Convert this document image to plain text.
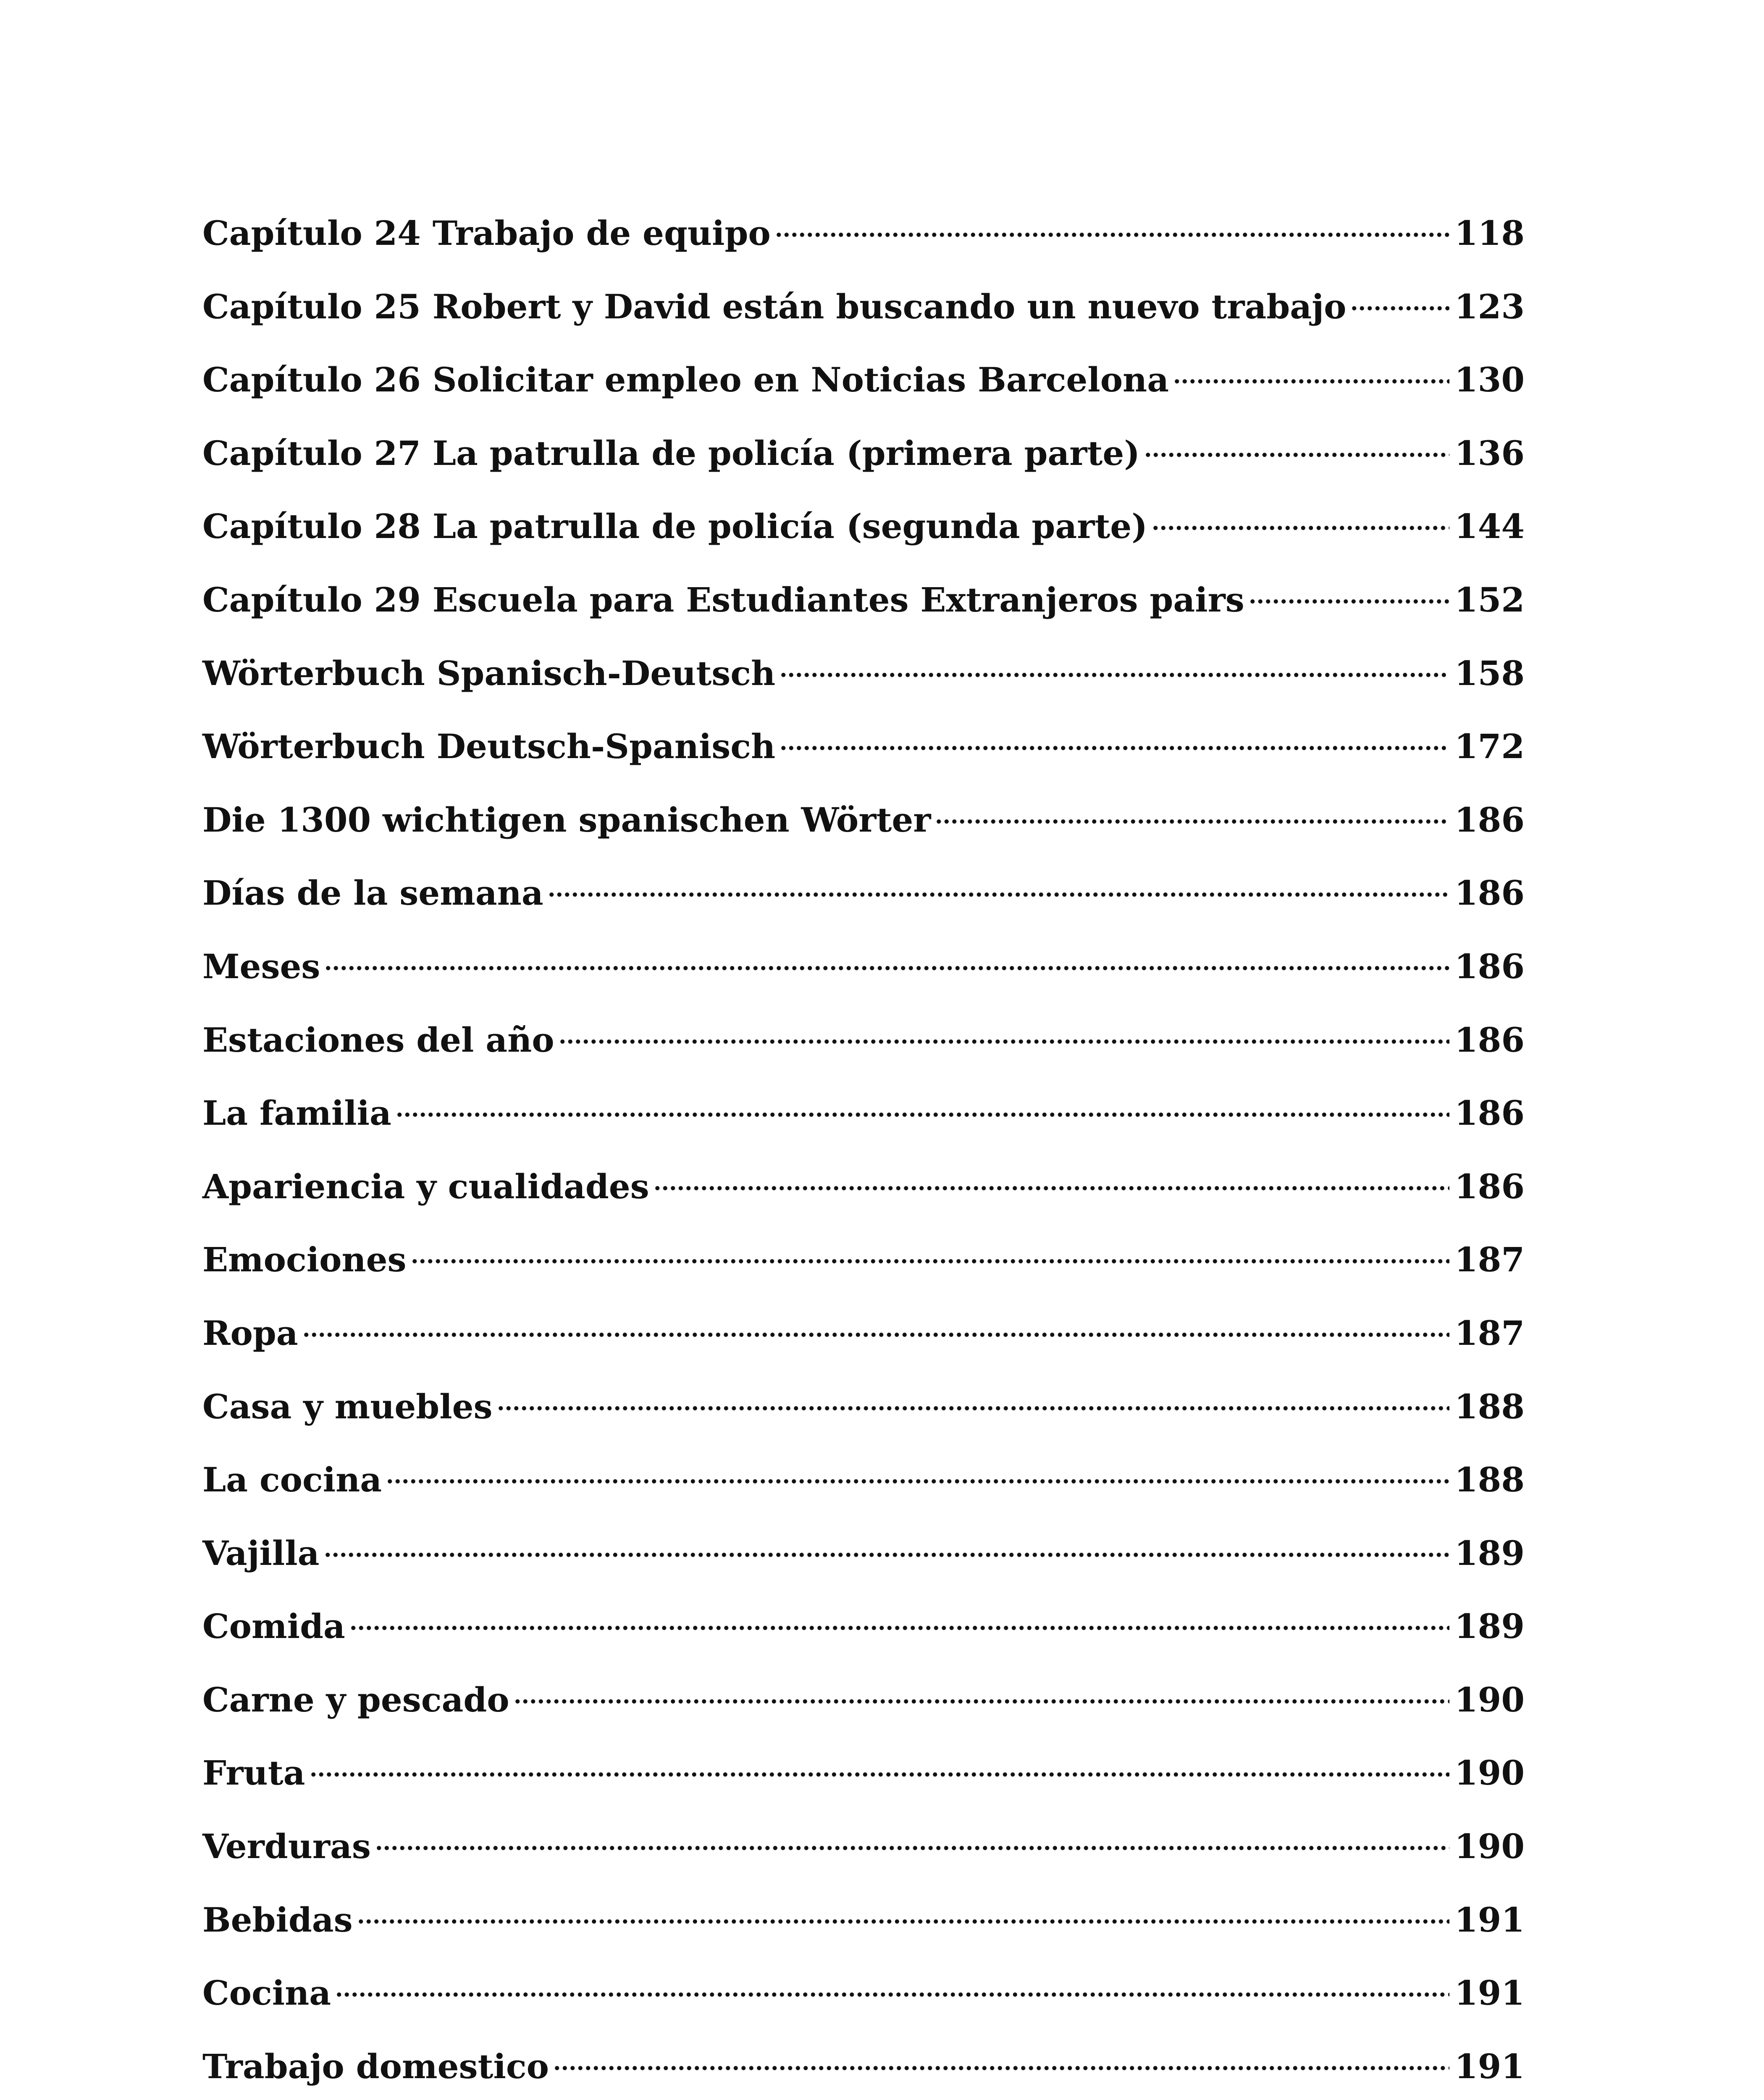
Capítulo 24 Trabajo de equipo	118
Capítulo 25 Robert y David están buscando un nuevo trabajo	123
Capítulo 26 Solicitar empleo en Noticias Barcelona	130
Capítulo 27 La patrulla de policía (primera parte)	136
Capítulo 28 La patrulla de policía (segunda parte)	144
Capítulo 29 Escuela para Estudiantes Extranjeros pairs	152
Wörterbuch Spanisch-Deutsch	158
Wörterbuch Deutsch-Spanisch	172
Die 1300 wichtigen spanischen Wörter	186
Días de la semana	186
Meses	186
Estaciones del año	186
La familia	186
Apariencia y cualidades	186
Emociones	187
Ropa	187
Casa y muebles	188
La cocina	188
Vajilla	189
Comida	189
Carne y pescado	190
Fruta	190
Verduras	190
Bebidas	191
Cocina	191
Trabajo domestico	191
